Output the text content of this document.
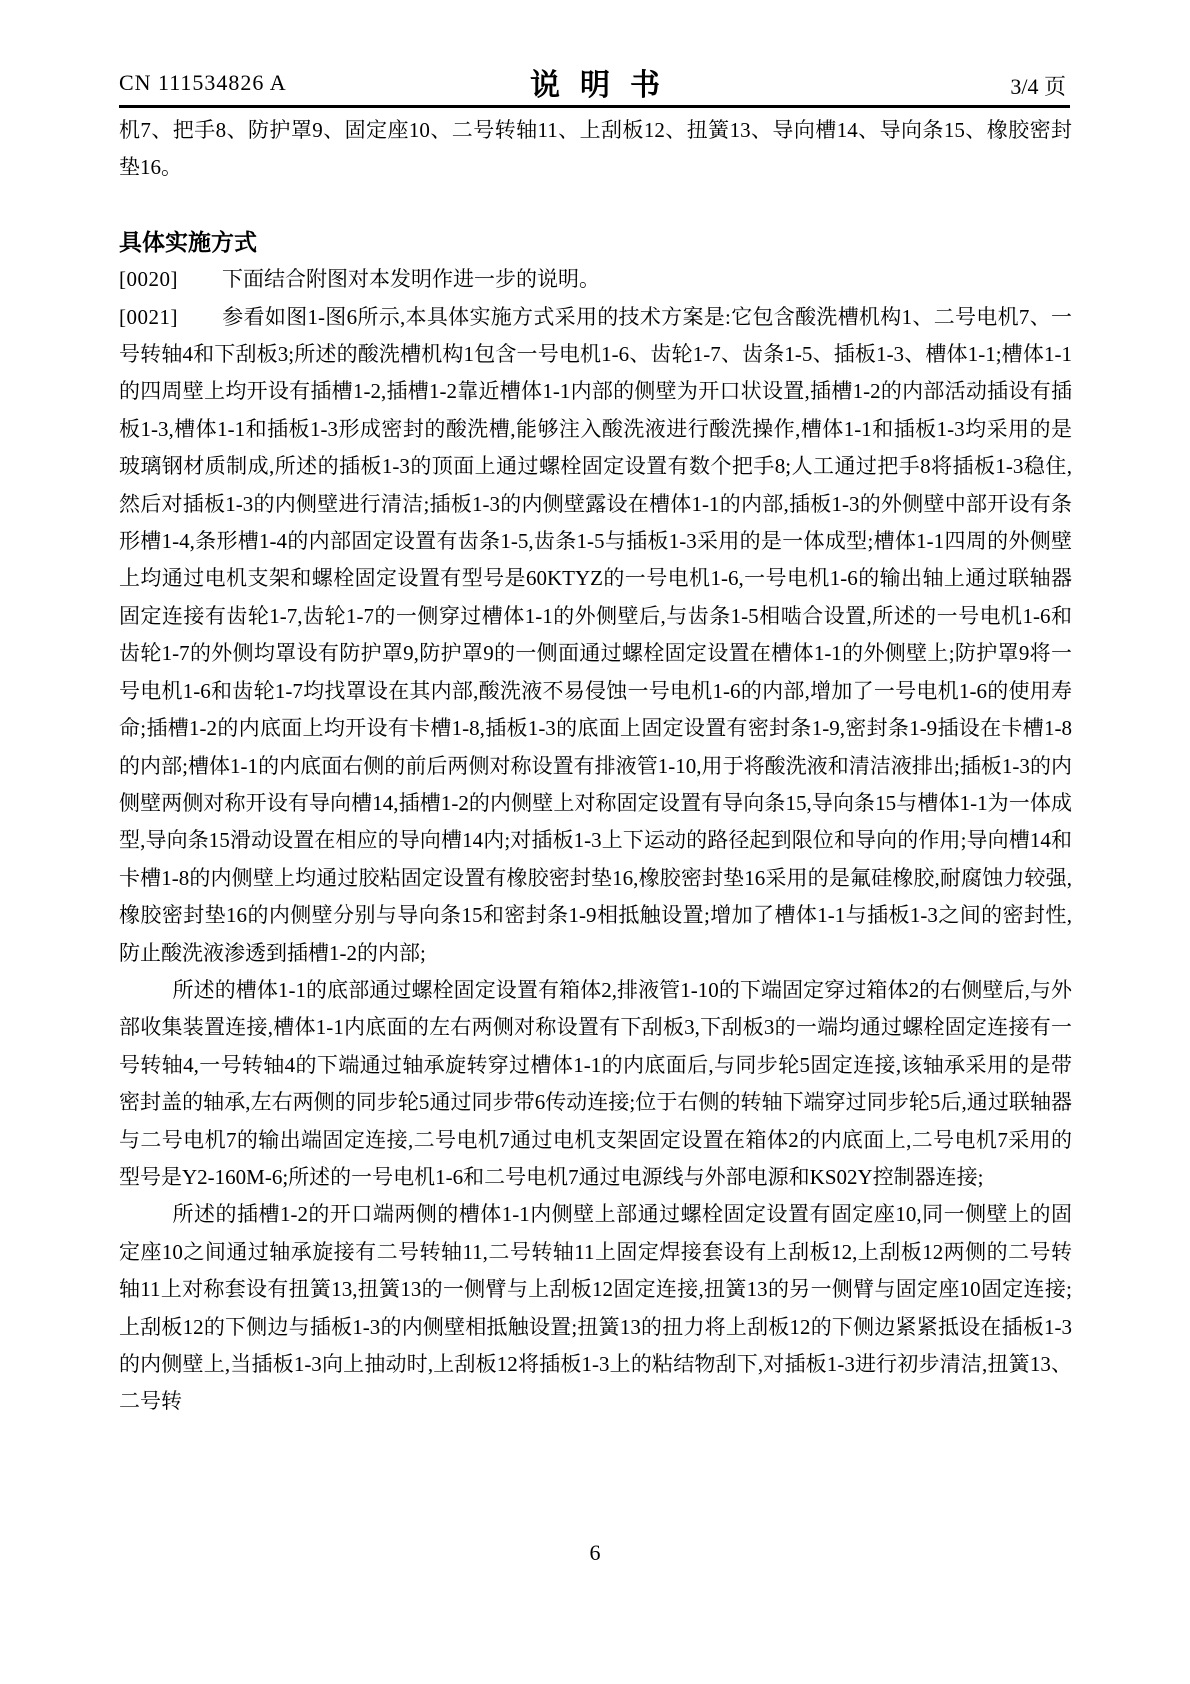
CN 111534826 A	说明书	3/4 页

机7、把手8、防护罩9、固定座10、二号转轴11、上刮板12、扭簧13、导向槽14、导向条15、橡胶密封垫16。

具体实施方式

[0020] 下面结合附图对本发明作进一步的说明。

[0021] 参看如图1-图6所示,本具体实施方式采用的技术方案是:它包含酸洗槽机构1、二号电机7、一号转轴4和下刮板3;所述的酸洗槽机构1包含一号电机1-6、齿轮1-7、齿条1-5、插板1-3、槽体1-1;槽体1-1的四周壁上均开设有插槽1-2,插槽1-2靠近槽体1-1内部的侧壁为开口状设置,插槽1-2的内部活动插设有插板1-3,槽体1-1和插板1-3形成密封的酸洗槽,能够注入酸洗液进行酸洗操作,槽体1-1和插板1-3均采用的是玻璃钢材质制成,所述的插板1-3的顶面上通过螺栓固定设置有数个把手8;人工通过把手8将插板1-3稳住,然后对插板1-3的内侧壁进行清洁;插板1-3的内侧壁露设在槽体1-1的内部,插板1-3的外侧壁中部开设有条形槽1-4,条形槽1-4的内部固定设置有齿条1-5,齿条1-5与插板1-3采用的是一体成型;槽体1-1四周的外侧壁上均通过电机支架和螺栓固定设置有型号是60KTYZ的一号电机1-6,一号电机1-6的输出轴上通过联轴器固定连接有齿轮1-7,齿轮1-7的一侧穿过槽体1-1的外侧壁后,与齿条1-5相啮合设置,所述的一号电机1-6和齿轮1-7的外侧均罩设有防护罩9,防护罩9的一侧面通过螺栓固定设置在槽体1-1的外侧壁上;防护罩9将一号电机1-6和齿轮1-7均找罩设在其内部,酸洗液不易侵蚀一号电机1-6的内部,增加了一号电机1-6的使用寿命;插槽1-2的内底面上均开设有卡槽1-8,插板1-3的底面上固定设置有密封条1-9,密封条1-9插设在卡槽1-8的内部;槽体1-1的内底面右侧的前后两侧对称设置有排液管1-10,用于将酸洗液和清洁液排出;插板1-3的内侧壁两侧对称开设有导向槽14,插槽1-2的内侧壁上对称固定设置有导向条15,导向条15与槽体1-1为一体成型,导向条15滑动设置在相应的导向槽14内;对插板1-3上下运动的路径起到限位和导向的作用;导向槽14和卡槽1-8的内侧壁上均通过胶粘固定设置有橡胶密封垫16,橡胶密封垫16采用的是氟硅橡胶,耐腐蚀力较强,橡胶密封垫16的内侧壁分别与导向条15和密封条1-9相抵触设置;增加了槽体1-1与插板1-3之间的密封性,防止酸洗液渗透到插槽1-2的内部;

所述的槽体1-1的底部通过螺栓固定设置有箱体2,排液管1-10的下端固定穿过箱体2的右侧壁后,与外部收集装置连接,槽体1-1内底面的左右两侧对称设置有下刮板3,下刮板3的一端均通过螺栓固定连接有一号转轴4,一号转轴4的下端通过轴承旋转穿过槽体1-1的内底面后,与同步轮5固定连接,该轴承采用的是带密封盖的轴承,左右两侧的同步轮5通过同步带6传动连接;位于右侧的转轴下端穿过同步轮5后,通过联轴器与二号电机7的输出端固定连接,二号电机7通过电机支架固定设置在箱体2的内底面上,二号电机7采用的型号是Y2-160M-6;所述的一号电机1-6和二号电机7通过电源线与外部电源和KS02Y控制器连接;

所述的插槽1-2的开口端两侧的槽体1-1内侧壁上部通过螺栓固定设置有固定座10,同一侧壁上的固定座10之间通过轴承旋接有二号转轴11,二号转轴11上固定焊接套设有上刮板12,上刮板12两侧的二号转轴11上对称套设有扭簧13,扭簧13的一侧臂与上刮板12固定连接,扭簧13的另一侧臂与固定座10固定连接;上刮板12的下侧边与插板1-3的内侧壁相抵触设置;扭簧13的扭力将上刮板12的下侧边紧紧抵设在插板1-3的内侧壁上,当插板1-3向上抽动时,上刮板12将插板1-3上的粘结物刮下,对插板1-3进行初步清洁,扭簧13、二号转

6
